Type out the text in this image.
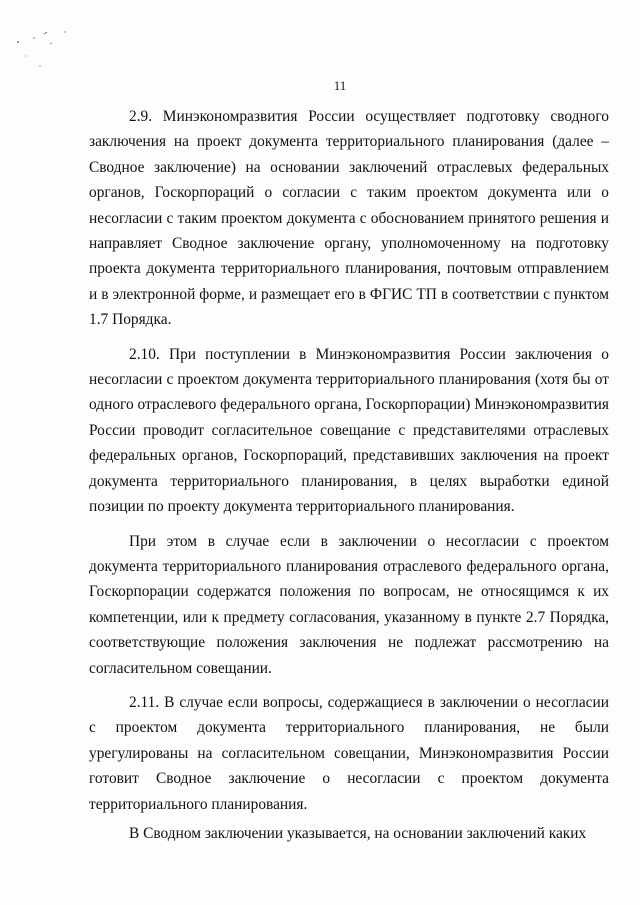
11

2.9. Минэкономразвития России осуществляет подготовку сводного заключения на проект документа территориального планирования (далее – Сводное заключение) на основании заключений отраслевых федеральных органов, Госкорпораций о согласии с таким проектом документа или о несогласии с таким проектом документа с обоснованием принятого решения и направляет Сводное заключение органу, уполномоченному на подготовку проекта документа территориального планирования, почтовым отправлением и в электронной форме, и размещает его в ФГИС ТП в соответствии с пунктом 1.7 Порядка.

2.10. При поступлении в Минэкономразвития России заключения о несогласии с проектом документа территориального планирования (хотя бы от одного отраслевого федерального органа, Госкорпорации) Минэкономразвития России проводит согласительное совещание с представителями отраслевых федеральных органов, Госкорпораций, представивших заключения на проект документа территориального планирования, в целях выработки единой позиции по проекту документа территориального планирования.

При этом в случае если в заключении о несогласии с проектом документа территориального планирования отраслевого федерального органа, Госкорпорации содержатся положения по вопросам, не относящимся к их компетенции, или к предмету согласования, указанному в пункте 2.7 Порядка, соответствующие положения заключения не подлежат рассмотрению на согласительном совещании.

2.11. В случае если вопросы, содержащиеся в заключении о несогласии с проектом документа территориального планирования, не были урегулированы на согласительном совещании, Минэкономразвития России готовит Сводное заключение о несогласии с проектом документа территориального планирования.

В Сводном заключении указывается, на основании заключений каких
